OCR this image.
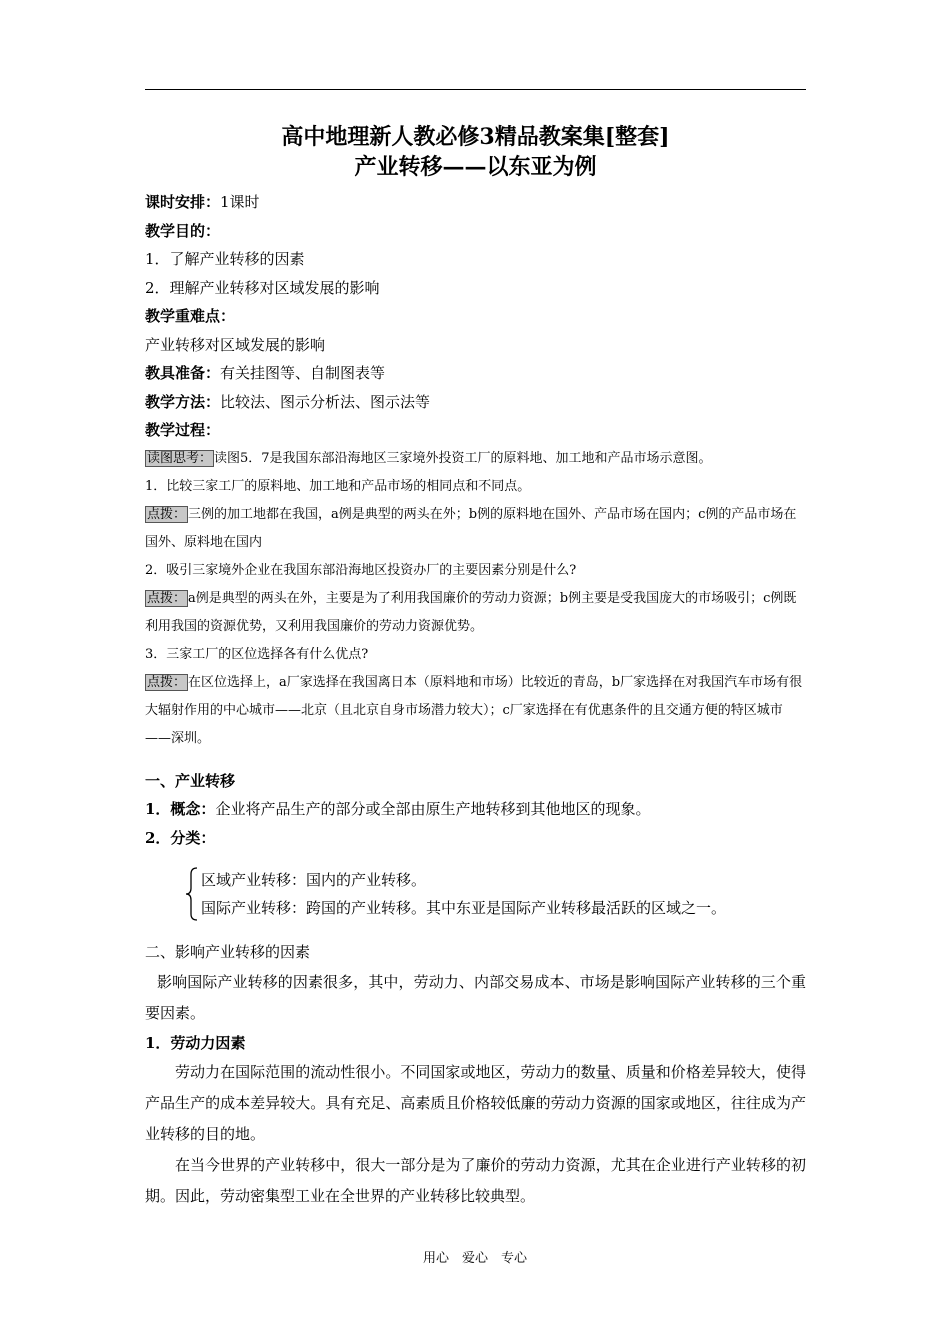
高中地理新人教必修3精品教案集[整套]

产业转移——以东亚为例

课时安排：1课时

教学目的：

1．了解产业转移的因素

2．理解产业转移对区域发展的影响

教学重难点：

产业转移对区域发展的影响

教具准备：有关挂图等、自制图表等

教学方法：比较法、图示分析法、图示法等

教学过程：

读图思考： 读图5．7是我国东部沿海地区三家境外投资工厂的原料地、加工地和产品市场示意图。

1．比较三家工厂的原料地、加工地和产品市场的相同点和不同点。

点拨： 三例的加工地都在我国，a例是典型的两头在外；b例的原料地在国外、产品市场在国内；c例的产品市场在国外、原料地在国内

2．吸引三家境外企业在我国东部沿海地区投资办厂的主要因素分别是什么?

点拨： a例是典型的两头在外，主要是为了利用我国廉价的劳动力资源；b例主要是受我国庞大的市场吸引；c例既利用我国的资源优势，又利用我国廉价的劳动力资源优势。

3．三家工厂的区位选择各有什么优点?

点拨： 在区位选择上，a厂家选择在我国离日本（原料地和市场）比较近的青岛，b厂家选择在对我国汽车市场有很大辐射作用的中心城市——北京（且北京自身市场潜力较大）；c厂家选择在有优惠条件的且交通方便的特区城市——深圳。

一、产业转移

1．概念：企业将产品生产的部分或全部由原生产地转移到其他地区的现象。

2．分类：

区域产业转移：国内的产业转移。
国际产业转移：跨国的产业转移。其中东亚是国际产业转移最活跃的区域之一。

二、影响产业转移的因素

影响国际产业转移的因素很多，其中，劳动力、内部交易成本、市场是影响国际产业转移的三个重要因素。

1．劳动力因素

劳动力在国际范围的流动性很小。不同国家或地区，劳动力的数量、质量和价格差异较大，使得产品生产的成本差异较大。具有充足、高素质且价格较低廉的劳动力资源的国家或地区，往往成为产业转移的目的地。

在当今世界的产业转移中，很大一部分是为了廉价的劳动力资源，尤其在企业进行产业转移的初期。因此，劳动密集型工业在全世界的产业转移比较典型。

用心　爱心　专心
